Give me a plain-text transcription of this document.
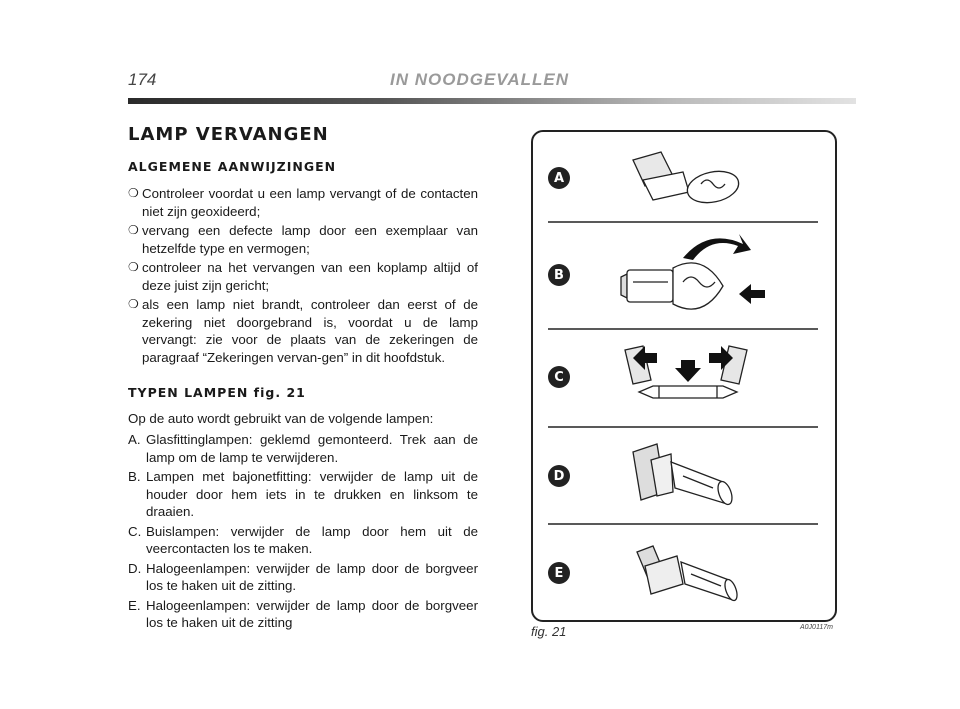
174	IN NOODGEVALLEN
LAMP VERVANGEN
ALGEMENE AANWIJZINGEN
❍ Controleer voordat u een lamp vervangt of de contacten niet zijn geoxideerd;
❍ vervang een defecte lamp door een exemplaar van hetzelfde type en vermogen;
❍ controleer na het vervangen van een koplamp altijd of deze juist zijn gericht;
❍ als een lamp niet brandt, controleer dan eerst of de zekering niet doorgebrand is, voordat u de lamp vervangt: zie voor de plaats van de zekeringen de paragraaf “Zekeringen vervan-gen” in dit hoofdstuk.
TYPEN LAMPEN fig. 21
Op de auto wordt gebruikt van de volgende lampen:
A. Glasfittinglampen: geklemd gemonteerd. Trek aan de lamp om de lamp te verwijderen.
B. Lampen met bajonetfitting: verwijder de lamp uit de houder door hem iets in te drukken en linksom te draaien.
C. Buislampen: verwijder de lamp door hem uit de veercontacten los te maken.
D. Halogeenlampen: verwijder de lamp door de borgveer los te haken uit de zitting.
E. Halogeenlampen: verwijder de lamp door de borgveer los te haken uit de zitting
A
B
C
D
E
fig. 21	A0J0117m
